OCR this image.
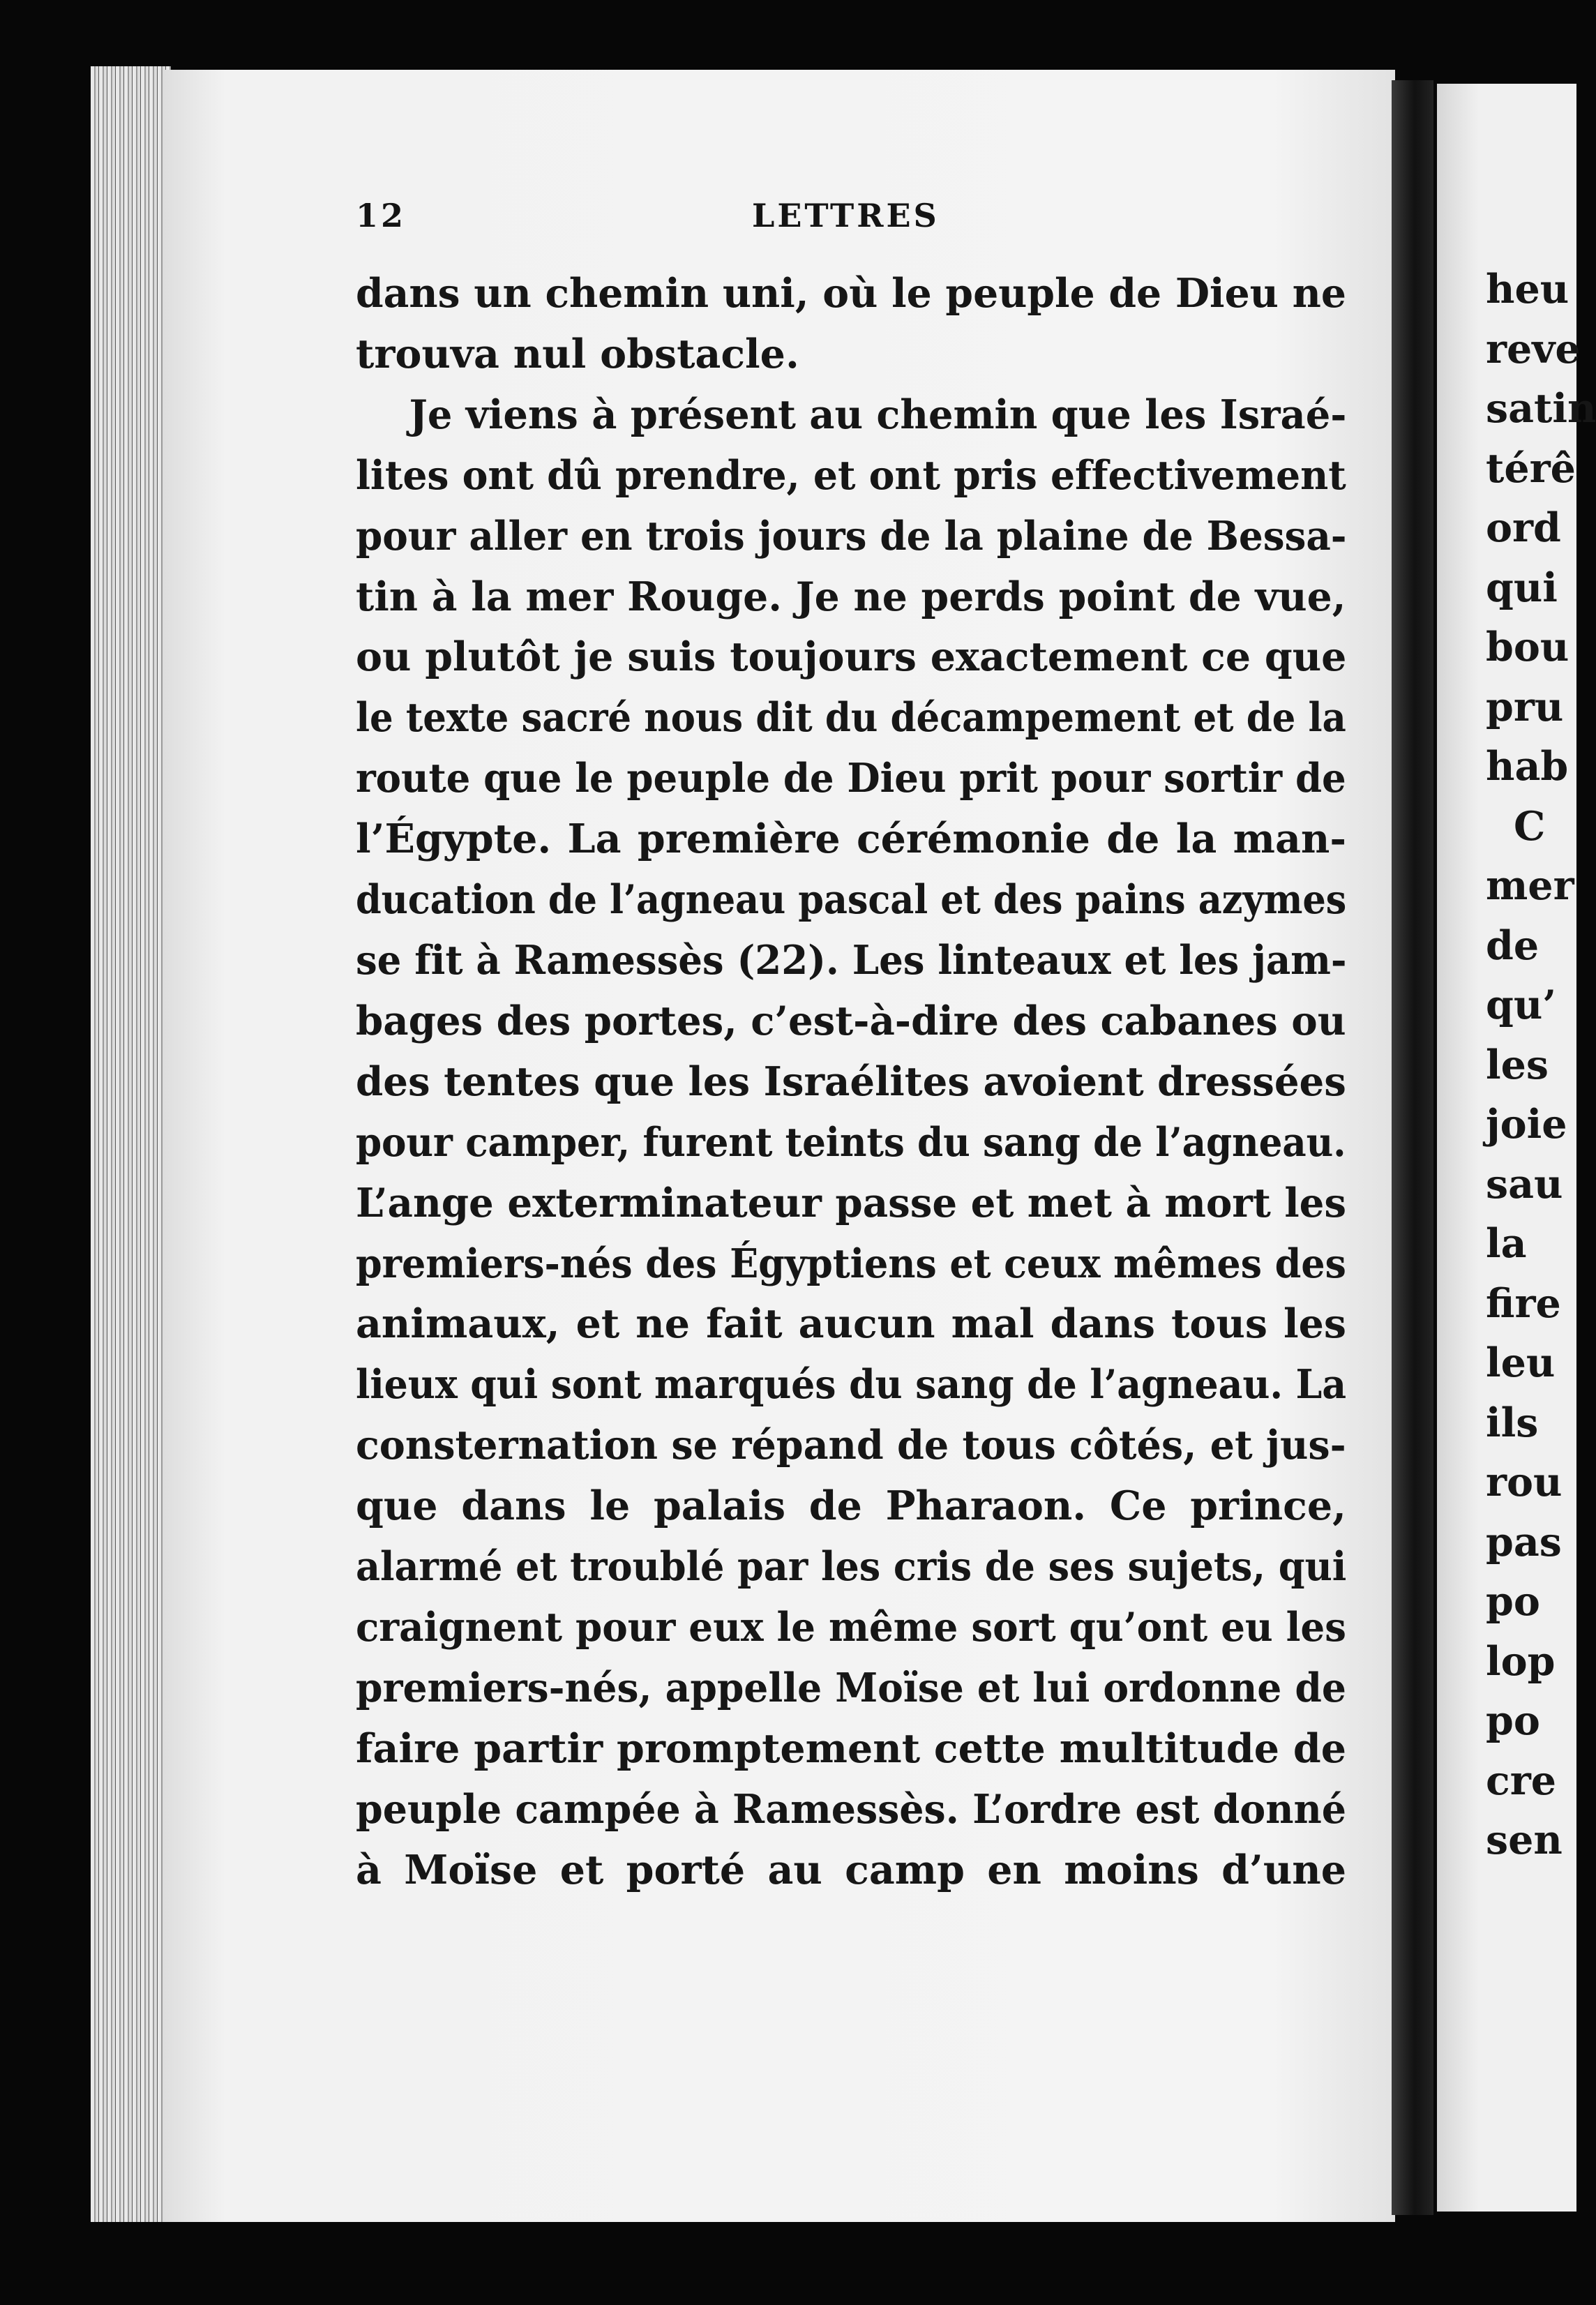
12	LETTRES
dans un chemin uni, où le peuple de Dieu ne
trouva nul obstacle.
Je viens à présent au chemin que les Israé-
lites ont dû prendre, et ont pris effectivement
pour aller en trois jours de la plaine de Bessa-
tin à la mer Rouge. Je ne perds point de vue,
ou plutôt je suis toujours exactement ce que
le texte sacré nous dit du décampement et de la
route que le peuple de Dieu prit pour sortir de
l’Égypte. La première cérémonie de la man-
ducation de l’agneau pascal et des pains azymes
se fit à Ramessès (22). Les linteaux et les jam-
bages des portes, c’est-à-dire des cabanes ou
des tentes que les Israélites avoient dressées
pour camper, furent teints du sang de l’agneau.
L’ange exterminateur passe et met à mort les
premiers-nés des Égyptiens et ceux mêmes des
animaux, et ne fait aucun mal dans tous les
lieux qui sont marqués du sang de l’agneau. La
consternation se répand de tous côtés, et jus-
que dans le palais de Pharaon. Ce prince,
alarmé et troublé par les cris de ses sujets, qui
craignent pour eux le même sort qu’ont eu les
premiers-nés, appelle Moïse et lui ordonne de
faire partir promptement cette multitude de
peuple campée à Ramessès. L’ordre est donné
à Moïse et porté au camp en moins d’une
heu
reve
satin
térê
ord
qui
bou
pru
hab
C
mer
de
qu’
les
joie
sau
la
fire
leu
ils
rou
pas
po
lop
po
cre
sen
